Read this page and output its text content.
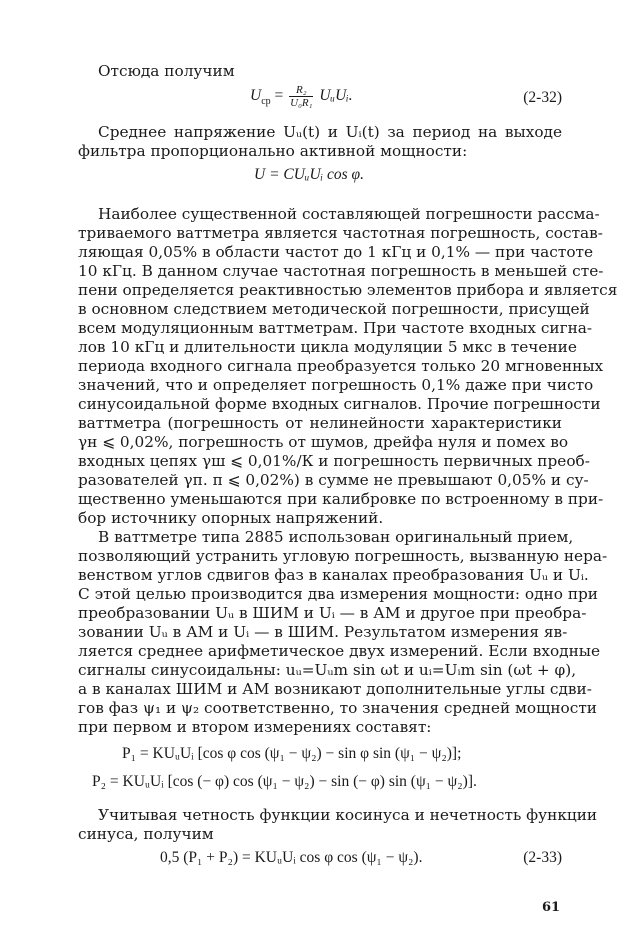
Отсюда получим
$U_{ср} = \frac{\text{R₂}}{\text{U₀R₁}}$ UᵤUᵢ.	(2-32)
Среднее напряжение Uᵤ(t) и Uᵢ(t) за период на выходе
фильтра пропорционально активной мощности:
U = CUᵤUᵢ cos φ.
Наиболее существенной составляющей погрешности рассма-
триваемого ваттметра является частотная погрешность, состав-
ляющая 0,05% в области частот до 1 кГц и 0,1% — при частоте
10 кГц. В данном случае частотная погрешность в меньшей сте-
пени определяется реактивностью элементов прибора и является
в основном следствием методической погрешности, присущей
всем модуляционным ваттметрам. При частоте входных сигна-
лов 10 кГц и длительности цикла модуляции 5 мкс в течение
периода входного сигнала преобразуется только 20 мгновенных
значений, что и определяет погрешность 0,1% даже при чисто
синусоидальной форме входных сигналов. Прочие погрешности
ваттметра (погрешность от нелинейности характеристики
γн ⩽ 0,02%, погрешность от шумов, дрейфа нуля и помех во
входных цепях γш ⩽ 0,01%/К и погрешность первичных преоб-
разователей γп. п ⩽ 0,02%) в сумме не превышают 0,05% и су-
щественно уменьшаются при калибровке по встроенному в при-
бор источнику опорных напряжений.
В ваттметре типа 2885 использован оригинальный прием,
позволяющий устранить угловую погрешность, вызванную нера-
венством углов сдвигов фаз в каналах преобразования Uᵤ и Uᵢ.
С этой целью производится два измерения мощности: одно при
преобразовании Uᵤ в ШИМ и Uᵢ — в АМ и другое при преобра-
зовании Uᵤ в АМ и Uᵢ — в ШИМ. Результатом измерения яв-
ляется среднее арифметическое двух измерений. Если входные
сигналы синусоидальны: uᵤ=Uᵤm sin ωt и uᵢ=Uᵢm sin (ωt + φ),
а в каналах ШИМ и АМ возникают дополнительные углы сдви-
гов фаз ψ₁ и ψ₂ соответственно, то значения средней мощности
при первом и втором измерениях составят:
P₁ = KUᵤUᵢ [cos φ cos (ψ₁ − ψ₂) − sin φ sin (ψ₁ − ψ₂)];
P₂ = KUᵤUᵢ [cos (− φ) cos (ψ₁ − ψ₂) − sin (− φ) sin (ψ₁ − ψ₂)].
Учитывая четность функции косинуса и нечетность функции
синуса, получим
0,5 (P₁ + P₂) = KUᵤUᵢ cos φ cos (ψ₁ − ψ₂).	(2-33)
61
